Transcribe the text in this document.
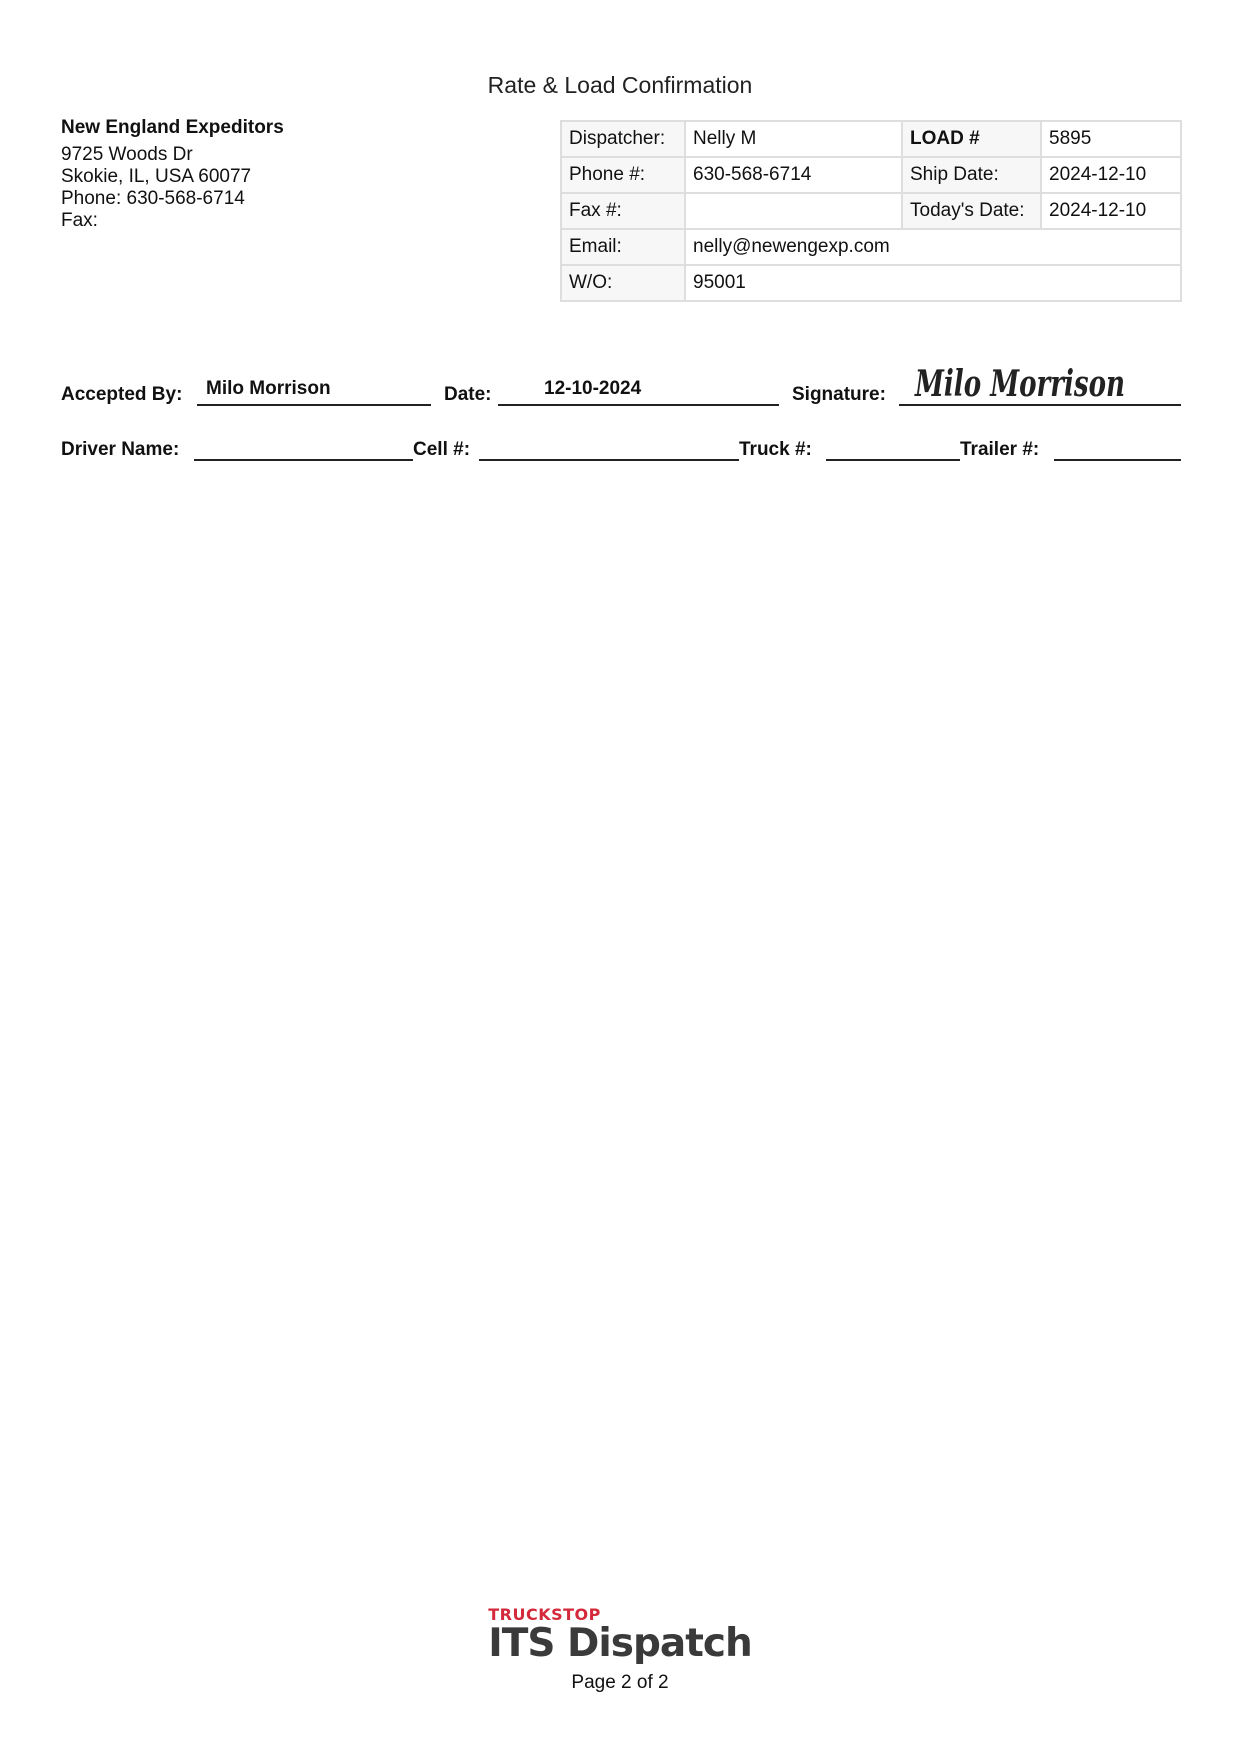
Rate & Load Confirmation
New England Expeditors
9725 Woods Dr
Skokie, IL, USA 60077
Phone: 630-568-6714
Fax:
Dispatcher:	Nelly M	LOAD #	5895
Phone #:	630-568-6714	Ship Date:	2024-12-10
Fax #:		Today's Date:	2024-12-10
Email:	nelly@newengexp.com		
W/O:	95001		
Accepted By: Milo Morrison	Date:	12-10-2024	Signature: Milo Morrison
Driver Name:	Cell #:	Truck #:	Trailer #:
TRUCKSTOP
ITS Dispatch
Page 2 of 2
